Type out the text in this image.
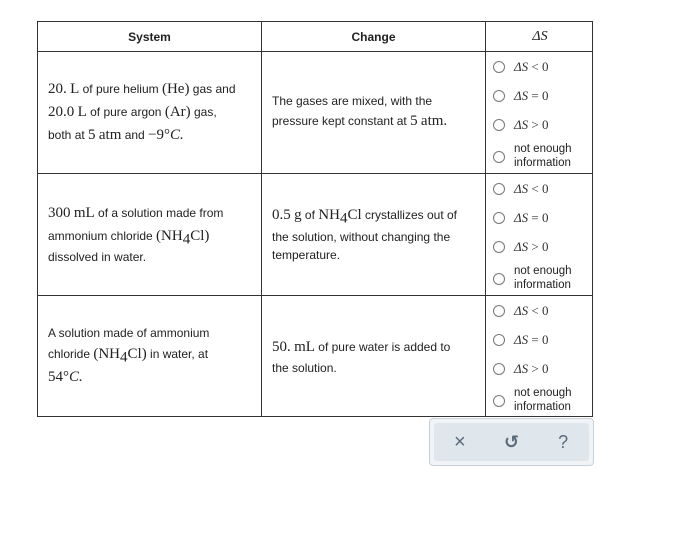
System	Change	ΔS
20. L of pure helium (He) gas and
20.0 L of pure argon (Ar) gas,
both at 5 atm and −9°C.
The gases are mixed, with the
pressure kept constant at 5 atm.
300 mL of a solution made from
ammonium chloride $(NH_4Cl)$
dissolved in water.
0.5 g of $NH_4Cl$ crystallizes out of
the solution, without changing the
temperature.
A solution made of ammonium
chloride $(NH_4Cl)$ in water, at
54°C.
50. mL of pure water is added to
the solution.
ΔS < 0
ΔS = 0
ΔS > 0
not enough
information
ΔS < 0
ΔS = 0
ΔS > 0
not enough
information
ΔS < 0
ΔS = 0
ΔS > 0
not enough
information
× ↺ ?
